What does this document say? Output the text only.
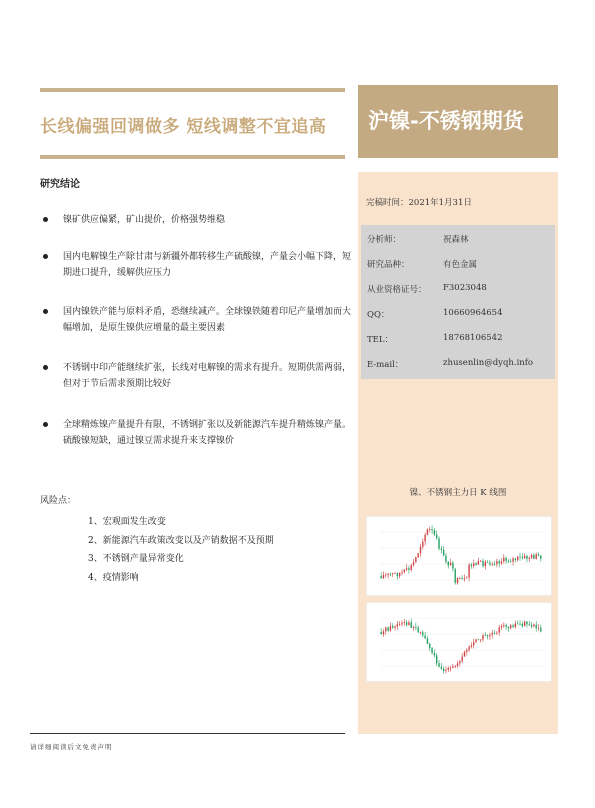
长线偏强回调做多 短线调整不宜追高 沪镍-不锈钢期货
完稿时间：2021年1月31日
分析师：	祝森林
研究品种：	有色金属
从业资格证号： F3023048
QQ：	10660964654
TEL：	18768106542
E-mail：	zhusenlin@dyqh.info
镍、不锈钢主力日 K 线图
研究结论
镍矿供应偏紧，矿山提价，价格强势维稳
国内电解镍生产除甘肃与新疆外都转移生产硫酸镍，产量会小幅下降，短期进口提升，缓解供应压力
国内镍铁产能与原料矛盾，恐继续减产。全球镍铁随着印尼产量增加而大幅增加，是原生镍供应增量的最主要因素
不锈钢中印产能继续扩张，长线对电解镍的需求有提升。短期供需两弱，但对于节后需求预期比较好
全球精炼镍产量提升有限，不锈钢扩张以及新能源汽车提升精炼镍产量。硫酸镍短缺，通过镍豆需求提升来支撑镍价
风险点：
1、宏观面发生改变
2、新能源汽车政策改变以及产销数据不及预期
3、不锈钢产量异常变化
4、疫情影响
请详细阅读后文免责声明
